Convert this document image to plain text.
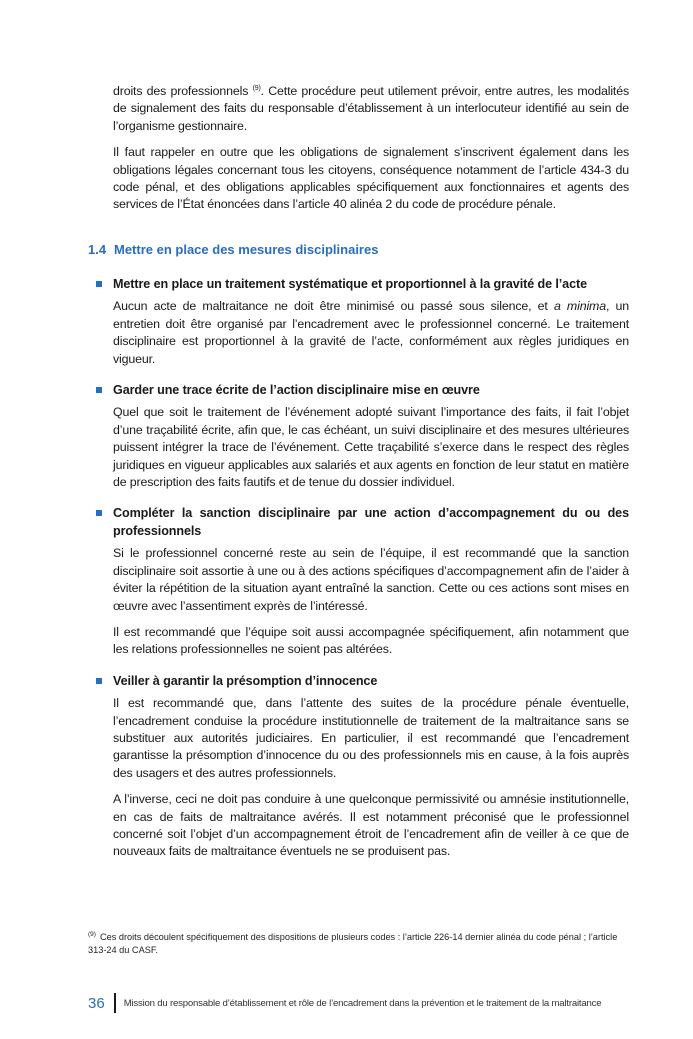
droits des professionnels $^{(9)}$. Cette procédure peut utilement prévoir, entre autres, les modalités de signalement des faits du responsable d’établissement à un interlocuteur identifié au sein de l’organisme gestionnaire.

Il faut rappeler en outre que les obligations de signalement s’inscrivent également dans les obligations légales concernant tous les citoyens, conséquence notamment de l’article 434-3 du code pénal, et des obligations applicables spécifiquement aux fonctionnaires et agents des services de l’État énoncées dans l’article 40 alinéa 2 du code de procédure pénale.

1.4 Mettre en place des mesures disciplinaires
Mettre en place un traitement systématique et proportionnel à la gravité de l’acte

Aucun acte de maltraitance ne doit être minimisé ou passé sous silence, et a minima, un entretien doit être organisé par l’encadrement avec le professionnel concerné. Le traitement disciplinaire est proportionnel à la gravité de l’acte, conformément aux règles juridiques en vigueur.

Garder une trace écrite de l’action disciplinaire mise en œuvre

Quel que soit le traitement de l’événement adopté suivant l’importance des faits, il fait l’objet d’une traçabilité écrite, afin que, le cas échéant, un suivi disciplinaire et des mesures ultérieures puissent intégrer la trace de l’événement. Cette traçabilité s’exerce dans le respect des règles juridiques en vigueur applicables aux salariés et aux agents en fonction de leur statut en matière de prescription des faits fautifs et de tenue du dossier individuel.

Compléter la sanction disciplinaire par une action d’accompagnement du ou des professionnels

Si le professionnel concerné reste au sein de l’équipe, il est recommandé que la sanction disciplinaire soit assortie à une ou à des actions spécifiques d’accompagnement afin de l’aider à éviter la répétition de la situation ayant entraîné la sanction. Cette ou ces actions sont mises en œuvre avec l’assentiment exprès de l’intéressé.

Il est recommandé que l’équipe soit aussi accompagnée spécifiquement, afin notamment que les relations professionnelles ne soient pas altérées.

Veiller à garantir la présomption d’innocence

Il est recommandé que, dans l’attente des suites de la procédure pénale éventuelle, l’encadrement conduise la procédure institutionnelle de traitement de la maltraitance sans se substituer aux autorités judiciaires. En particulier, il est recommandé que l’encadrement garantisse la présomption d’innocence du ou des professionnels mis en cause, à la fois auprès des usagers et des autres professionnels.

A l’inverse, ceci ne doit pas conduire à une quelconque permissivité ou amnésie institutionnelle, en cas de faits de maltraitance avérés. Il est notamment préconisé que le professionnel concerné soit l’objet d’un accompagnement étroit de l’encadrement afin de veiller à ce que de nouveaux faits de maltraitance éventuels ne se produisent pas.

$^{(9)}$ Ces droits découlent spécifiquement des dispositions de plusieurs codes : l’article 226-14 dernier alinéa du code pénal ; l’article 313-24 du CASF.
36 Mission du responsable d’établissement et rôle de l’encadrement dans la prévention et le traitement de la maltraitance
